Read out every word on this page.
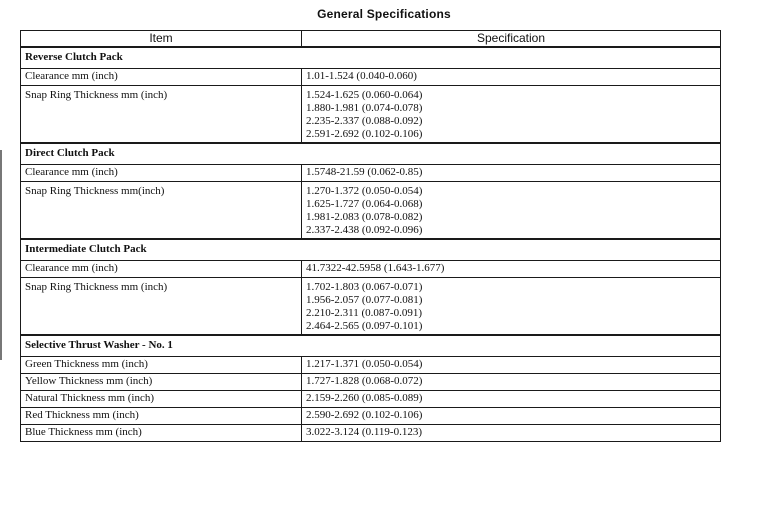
General Specifications
Item	Specification
Reverse Clutch Pack	
Clearance mm (inch)	1.01-1.524 (0.040-0.060)

Snap Ring Thickness mm (inch)	1.524-1.625 (0.060-0.064)
1.880-1.981 (0.074-0.078)
2.235-2.337 (0.088-0.092)
2.591-2.692 (0.102-0.106)

Direct Clutch Pack	
Clearance mm (inch)	1.5748-21.59 (0.062-0.85)

Snap Ring Thickness mm(inch)	1.270-1.372 (0.050-0.054)
1.625-1.727 (0.064-0.068)
1.981-2.083 (0.078-0.082)
2.337-2.438 (0.092-0.096)

Intermediate Clutch Pack	
Clearance mm (inch)	41.7322-42.5958 (1.643-1.677)

Snap Ring Thickness mm (inch)	1.702-1.803 (0.067-0.071)
1.956-2.057 (0.077-0.081)
2.210-2.311 (0.087-0.091)
2.464-2.565 (0.097-0.101)

Selective Thrust Washer - No. 1	
Green Thickness mm (inch)	1.217-1.371 (0.050-0.054)

Yellow Thickness mm (inch)	1.727-1.828 (0.068-0.072)

Natural Thickness mm (inch)	2.159-2.260 (0.085-0.089)

Red Thickness mm (inch)	2.590-2.692 (0.102-0.106)

Blue Thickness mm (inch)	3.022-3.124 (0.119-0.123)
